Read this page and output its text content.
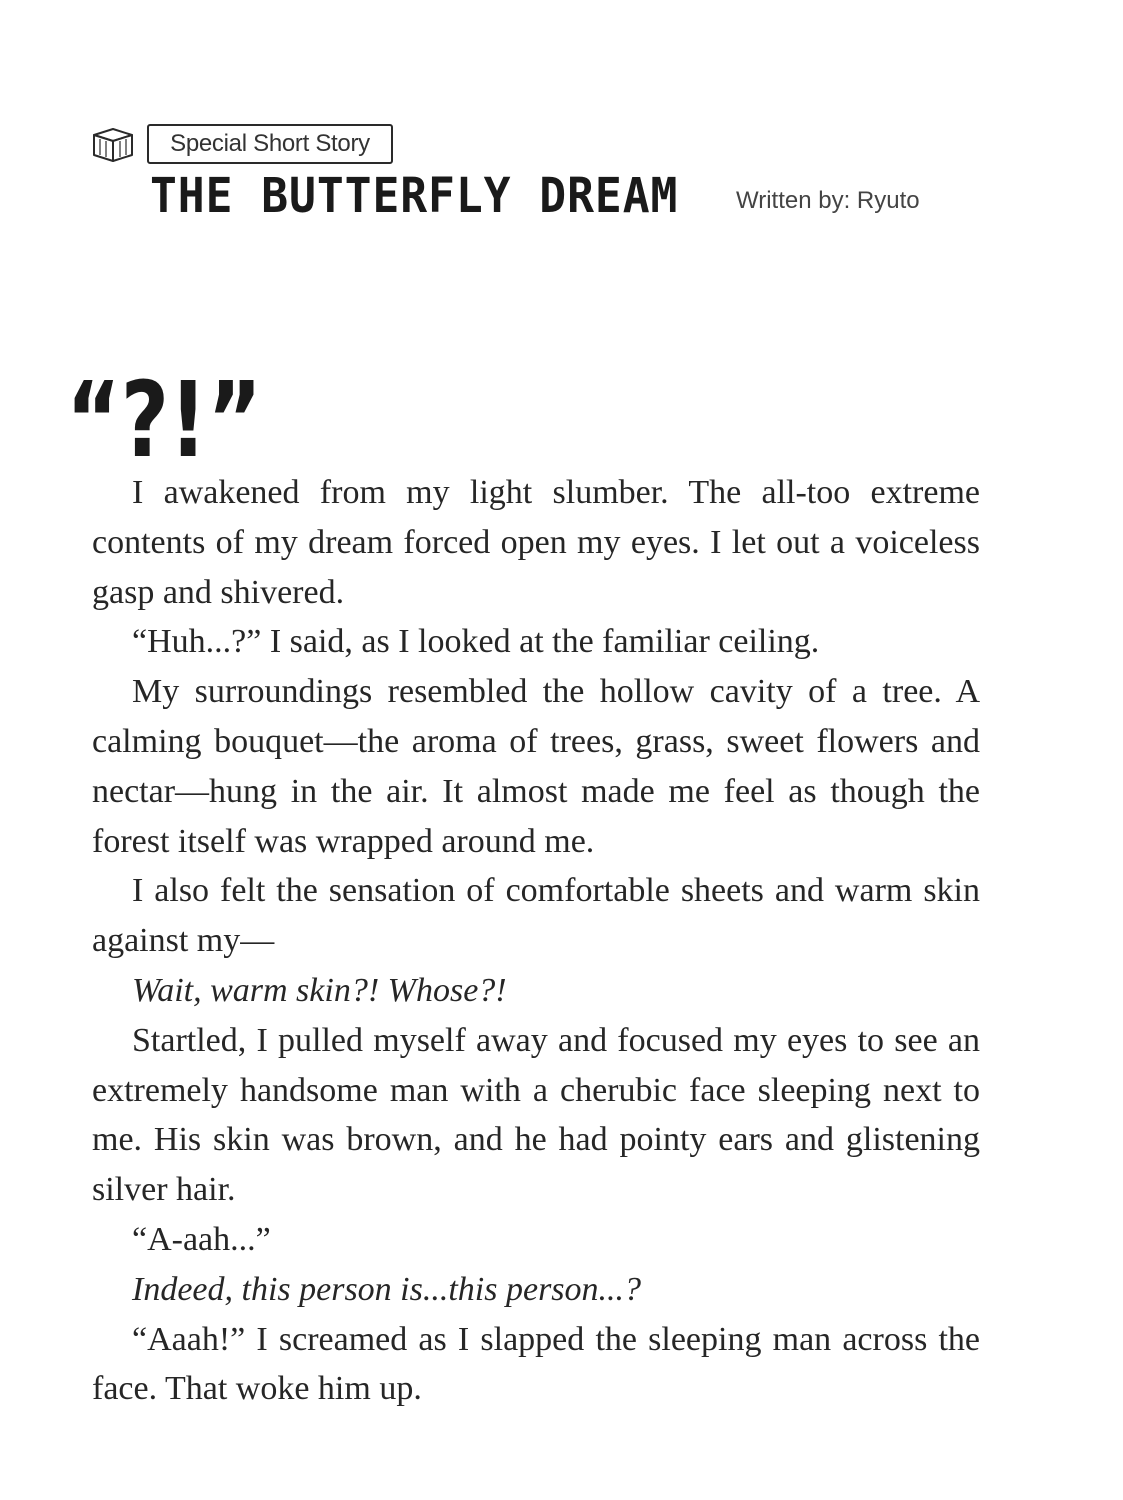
Special Short Story
THE BUTTERFLY DREAM Written by: Ryuto
“?!”

I awakened from my light slumber. The all-too extreme contents of my dream forced open my eyes. I let out a voiceless gasp and shivered.

“Huh...?” I said, as I looked at the familiar ceiling.

My surroundings resembled the hollow cavity of a tree. A calming bouquet—the aroma of trees, grass, sweet flowers and nectar—hung in the air. It almost made me feel as though the forest itself was wrapped around me.

I also felt the sensation of comfortable sheets and warm skin against my—

Wait, warm skin?! Whose?!

Startled, I pulled myself away and focused my eyes to see an extremely handsome man with a cherubic face sleeping next to me. His skin was brown, and he had pointy ears and glistening silver hair.

“A-aah...”

Indeed, this person is...this person...?

“Aaah!” I screamed as I slapped the sleeping man across the face. That woke him up.
